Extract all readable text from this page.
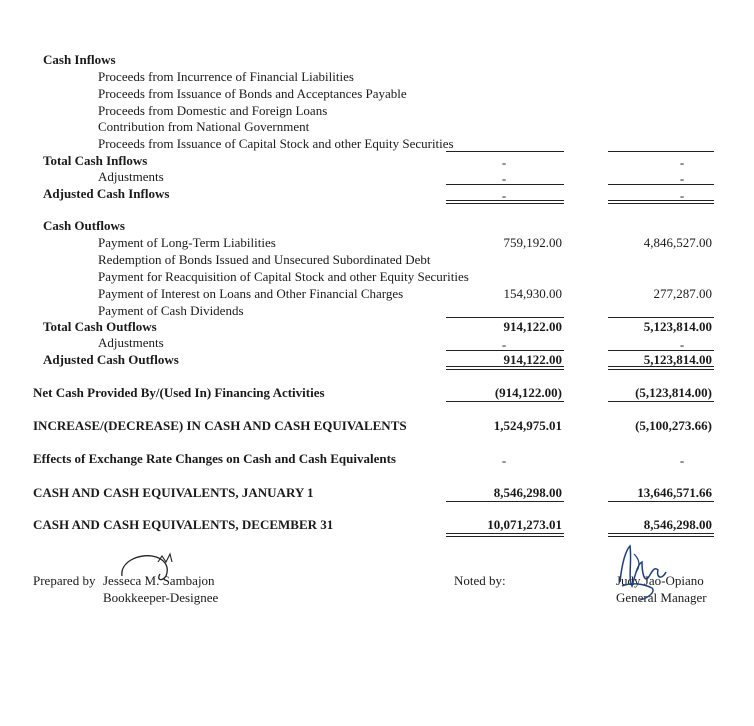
Cash Inflows
Proceeds from Incurrence of Financial Liabilities
Proceeds from Issuance of Bonds and Acceptances Payable
Proceeds from Domestic and Foreign Loans
Contribution from National Government
Proceeds from Issuance of Capital Stock and other Equity Securities
Total Cash Inflows	-	-
Adjustments	-	-
Adjusted Cash Inflows	-	-
Cash Outflows
Payment of Long-Term Liabilities	759,192.00	4,846,527.00
Redemption of Bonds Issued and Unsecured Subordinated Debt
Payment for Reacquisition of Capital Stock and other Equity Securities
Payment of Interest on Loans and Other Financial Charges	154,930.00	277,287.00
Payment of Cash Dividends
Total Cash Outflows	914,122.00	5,123,814.00
Adjustments	-	-
Adjusted Cash Outflows	914,122.00	5,123,814.00
Net Cash Provided By/(Used In) Financing Activities	(914,122.00)	(5,123,814.00)
INCREASE/(DECREASE) IN CASH AND CASH EQUIVALENTS	1,524,975.01	(5,100,273.66)
Effects of Exchange Rate Changes on Cash and Cash Equivalents	-	-
CASH AND CASH EQUIVALENTS, JANUARY 1	8,546,298.00	13,646,571.66
CASH AND CASH EQUIVALENTS, DECEMBER 31	10,071,273.01	8,546,298.00
Prepared by Jesseca M. Sambajon
Bookkeeper-Designee
Noted by:	Judy Jao-Opiano
General Manager
